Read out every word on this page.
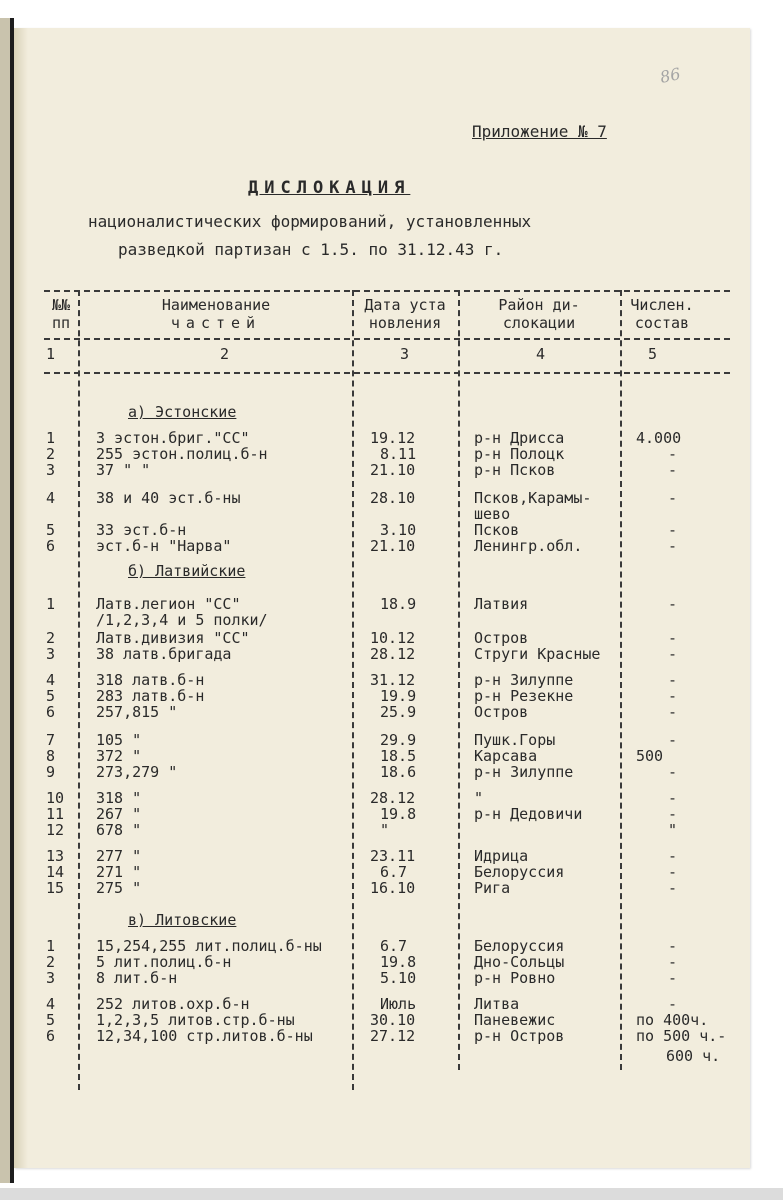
86
Приложение № 7
ДИСЛОКАЦИЯ
националистических формирований, установленных
разведкой партизан с 1.5. по 31.12.43 г.
№№
пп
Наименование
частей
Дата уста
новления
Район ди-
слокации
Числен.
состав
1	2	3	4	5
а) Эстонские
1	3 эстон.бриг."СС"	19.12	р-н Дрисса	4.000
2	255 эстон.полиц.б-н	8.11	р-н Полоцк	-
3	37 " "	21.10	р-н Псков	-
4	38 и 40 эст.б-ны	28.10	Псков,Карамы-
шево
-
5	33 эст.б-н	3.10	Псков	-
6	эст.б-н "Нарва"	21.10	Ленингр.обл.	-
б) Латвийские
1	Латв.легион "СС"
/1,2,3,4 и 5 полки/
18.9	Латвия	-
2	Латв.дивизия "СС"	10.12	Остров	-
3	38 латв.бригада	28.12	Струги Красные	-
4	318 латв.б-н	31.12	р-н Зилуппе	-
5	283 латв.б-н	19.9	р-н Резекне	-
6	257,815 "	25.9	Остров	-
7	105 "	29.9	Пушк.Горы	-
8	372 "	18.5	Карсава	500
9	273,279 "	18.6	р-н Зилуппе	-
10 318 "	28.12	"	-
11 267 "	19.8	р-н Дедовичи	-
12 678 "	"	"
13 277 "	23.11	Идрица	-
14 271 "	6.7	Белоруссия	-
15 275 "	16.10	Рига	-
в) Литовские
1	15,254,255 лит.полиц.б-ны	6.7	Белоруссия	-
2	5 лит.полиц.б-н	19.8	Дно-Сольцы	-
3	8 лит.б-н	5.10	р-н Ровно	-
4	252 литов.охр.б-н	Июль	Литва	-
5	1,2,3,5 литов.стр.б-ны	30.10	Паневежис	по 400ч.
6	12,34,100 стр.литов.б-ны	27.12	р-н Остров	по 500 ч.-
600 ч.
